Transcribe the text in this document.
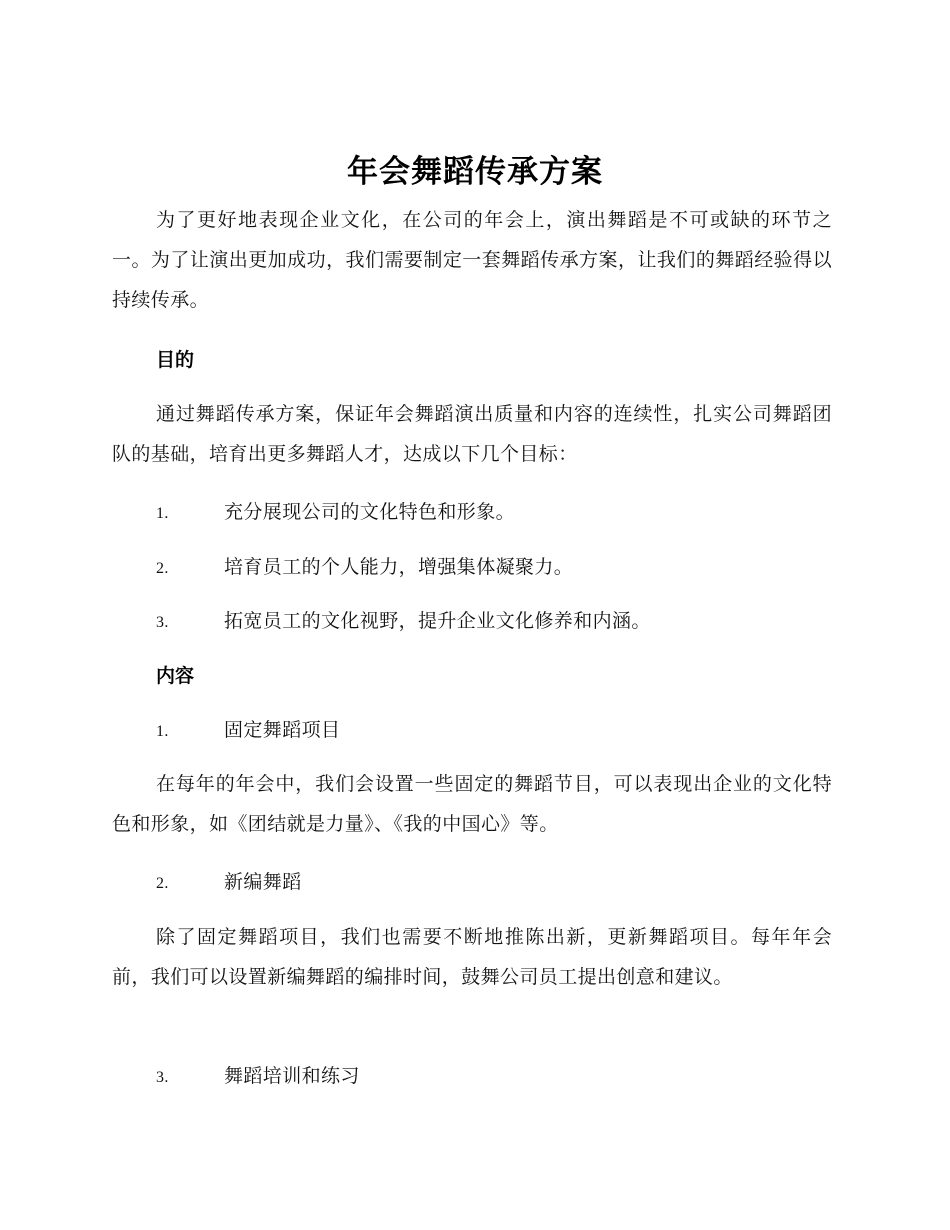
年会舞蹈传承方案
为了更好地表现企业文化，在公司的年会上，演出舞蹈是不可或缺的环节之一。为了让演出更加成功，我们需要制定一套舞蹈传承方案，让我们的舞蹈经验得以持续传承。
目的
通过舞蹈传承方案，保证年会舞蹈演出质量和内容的连续性，扎实公司舞蹈团队的基础，培育出更多舞蹈人才，达成以下几个目标：
1.	充分展现公司的文化特色和形象。
2.	培育员工的个人能力，增强集体凝聚力。
3.	拓宽员工的文化视野，提升企业文化修养和内涵。
内容
1.	固定舞蹈项目
在每年的年会中，我们会设置一些固定的舞蹈节目，可以表现出企业的文化特色和形象，如《团结就是力量》、《我的中国心》等。
2.	新编舞蹈
除了固定舞蹈项目，我们也需要不断地推陈出新，更新舞蹈项目。每年年会前，我们可以设置新编舞蹈的编排时间，鼓舞公司员工提出创意和建议。
3.	舞蹈培训和练习
